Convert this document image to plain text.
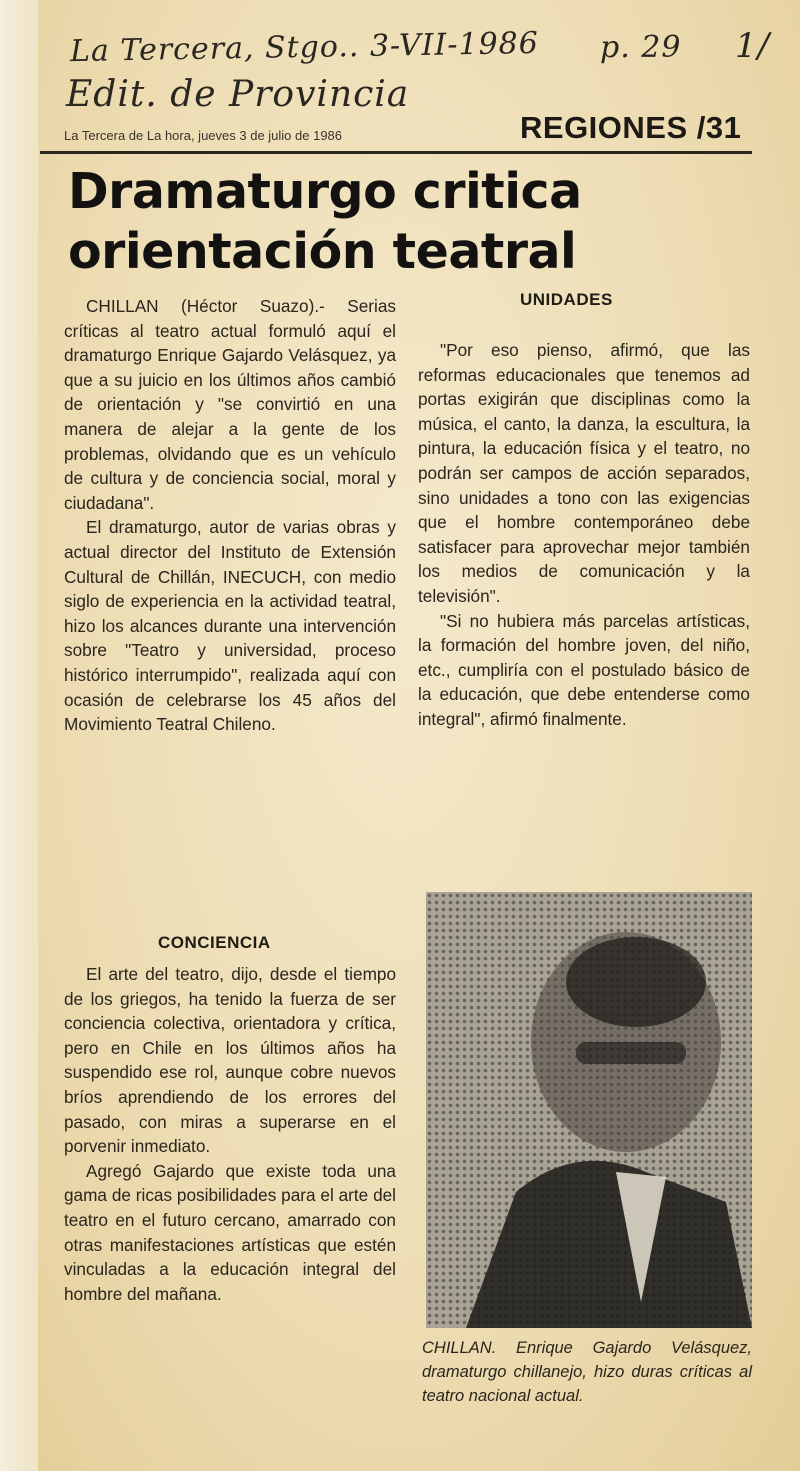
La Tercera, Stgo.. 3-VII-1986 p. 29 1/
Edit. de Provincia
La Tercera de La hora, jueves 3 de julio de 1986	REGIONES /31
Dramaturgo critica orientación teatral
UNIDADES

CHILLAN (Héctor Suazo).- Serias críticas al teatro actual formuló aquí el dramaturgo Enrique Gajardo Velásquez, ya que a su juicio en los últimos años cambió de orientación y "se convirtió en una manera de alejar a la gente de los problemas, olvidando que es un vehículo de cultura y de conciencia social, moral y ciudadana".

El dramaturgo, autor de varias obras y actual director del Instituto de Extensión Cultural de Chillán, INECUCH, con medio siglo de experiencia en la actividad teatral, hizo los alcances durante una intervención sobre "Teatro y universidad, proceso histórico interrumpido", realizada aquí con ocasión de celebrarse los 45 años del Movimiento Teatral Chileno.

CONCIENCIA

El arte del teatro, dijo, desde el tiempo de los griegos, ha tenido la fuerza de ser conciencia colectiva, orientadora y crítica, pero en Chile en los últimos años ha suspendido ese rol, aunque cobre nuevos bríos aprendiendo de los errores del pasado, con miras a superarse en el porvenir inmediato.

Agregó Gajardo que existe toda una gama de ricas posibilidades para el arte del teatro en el futuro cercano, amarrado con otras manifestaciones artísticas que estén vinculadas a la educación integral del hombre del mañana.

"Por eso pienso, afirmó, que las reformas educacionales que tenemos ad portas exigirán que disciplinas como la música, el canto, la danza, la escultura, la pintura, la educación física y el teatro, no podrán ser campos de acción separados, sino unidades a tono con las exigencias que el hombre contemporáneo debe satisfacer para aprovechar mejor también los medios de comunicación y la televisión".

"Si no hubiera más parcelas artísticas, la formación del hombre joven, del niño, etc., cumpliría con el postulado básico de la educación, que debe entenderse como integral", afirmó finalmente.

CHILLAN. Enrique Gajardo Velásquez, dramaturgo chillanejo, hizo duras críticas al teatro nacional actual.
